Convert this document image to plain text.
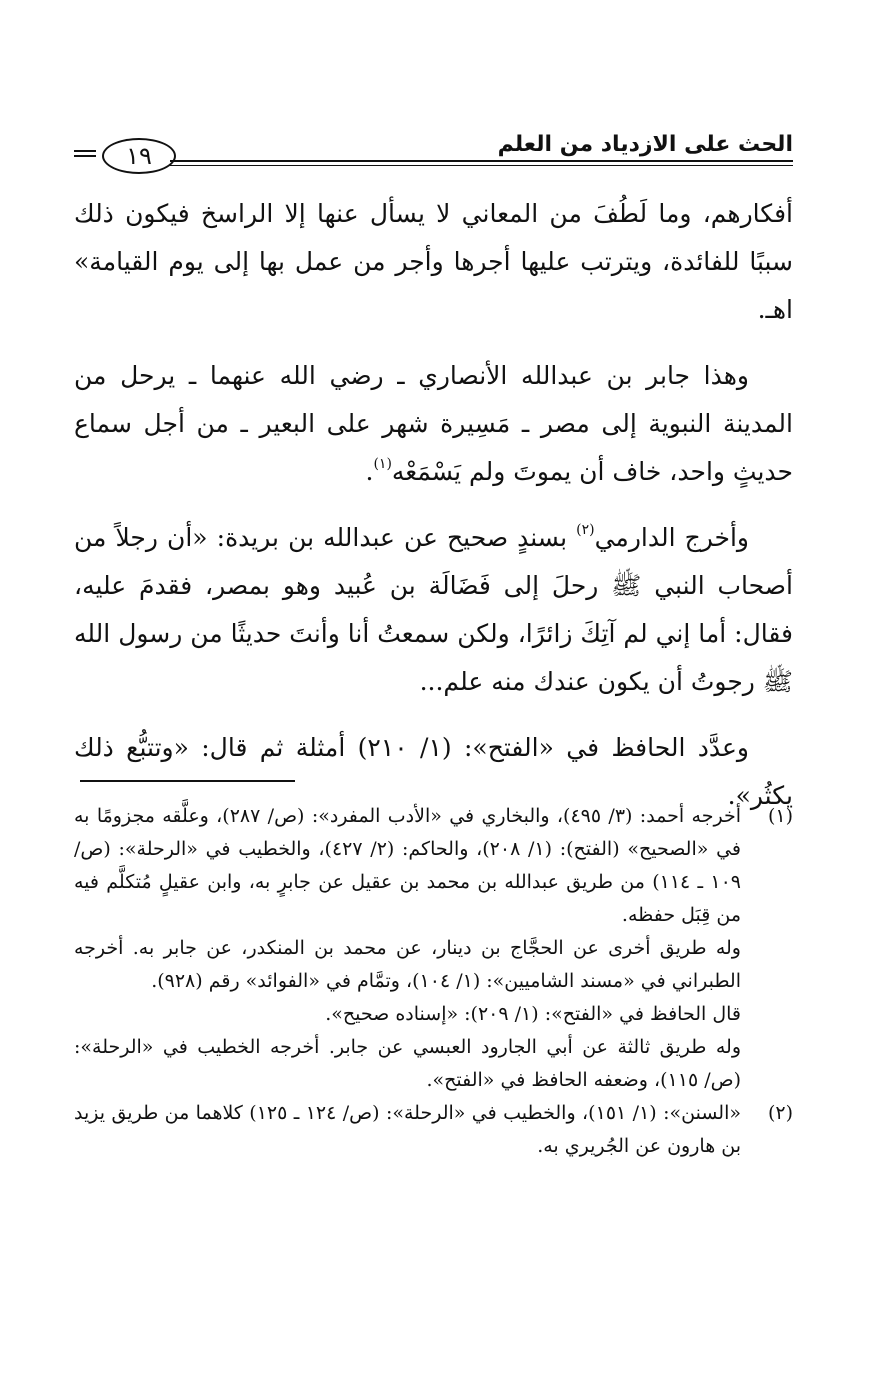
الحث على الازدياد من العلم
١٩

أفكارهم، وما لَطُفَ من المعاني لا يسأل عنها إلا الراسخ فيكون ذلك سببًا للفائدة، ويترتب عليها أجرها وأجر من عمل بها إلى يوم القيامة» اهـ.

وهذا جابر بن عبدالله الأنصاري ـ رضي الله عنهما ـ يرحل من المدينة النبوية إلى مصر ـ مَسِيرة شهر على البعير ـ من أجل سماع حديثٍ واحد، خاف أن يموتَ ولم يَسْمَعْه$^{(١)}$.

وأخرج الدارمي$^{(٢)}$ بسندٍ صحيح عن عبدالله بن بريدة: «أن رجلاً من أصحاب النبي ﷺ رحلَ إلى فَضَالَة بن عُبيد وهو بمصر، فقدمَ عليه، فقال: أما إني لم آتِكَ زائرًا، ولكن سمعتُ أنا وأنتَ حديثًا من رسول الله ﷺ رجوتُ أن يكون عندك منه علم...

وعدَّد الحافظ في «الفتح»: (١/ ٢١٠) أمثلة ثم قال: «وتتبُّع ذلك يكثُر».

(١)

أخرجه أحمد: (٣/ ٤٩٥)، والبخاري في «الأدب المفرد»: (ص/ ٢٨٧)، وعلَّقه مجزومًا به في «الصحيح» (الفتح): (١/ ٢٠٨)، والحاكم: (٢/ ٤٢٧)، والخطيب في «الرحلة»: (ص/ ١٠٩ ـ ١١٤) من طريق عبدالله بن محمد بن عقيل عن جابرٍ به، وابن عقيلٍ مُتكلَّم فيه من قِبَل حفظه.

وله طريق أخرى عن الحجَّاج بن دينار، عن محمد بن المنكدر، عن جابر به. أخرجه الطبراني في «مسند الشاميين»: (١/ ١٠٤)، وتمَّام في «الفوائد» رقم (٩٢٨).

قال الحافظ في «الفتح»: (١/ ٢٠٩): «إسناده صحيح».

وله طريق ثالثة عن أبي الجارود العبسي عن جابر. أخرجه الخطيب في «الرحلة»: (ص/ ١١٥)، وضعفه الحافظ في «الفتح».

(٢)

«السنن»: (١/ ١٥١)، والخطيب في «الرحلة»: (ص/ ١٢٤ ـ ١٢٥) كلاهما من طريق يزيد بن هارون عن الجُريري به.
